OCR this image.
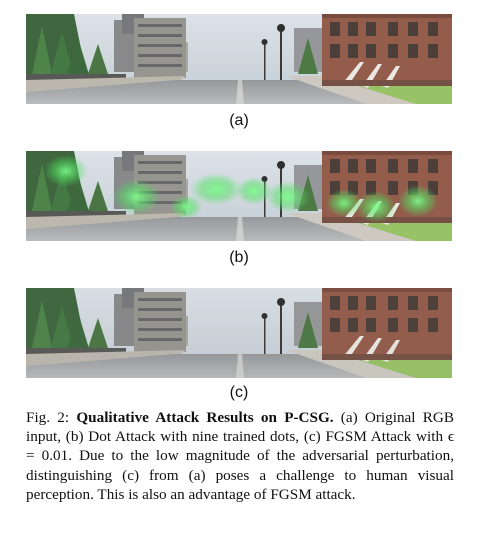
(a)
(b)
(c)
Fig. 2: Qualitative Attack Results on P-CSG. (a) Original RGB input, (b) Dot Attack with nine trained dots, (c) FGSM Attack with ϵ = 0.01. Due to the low magnitude of the adversarial perturbation, distinguishing (c) from (a) poses a challenge to human visual perception. This is also an advantage of FGSM attack.
